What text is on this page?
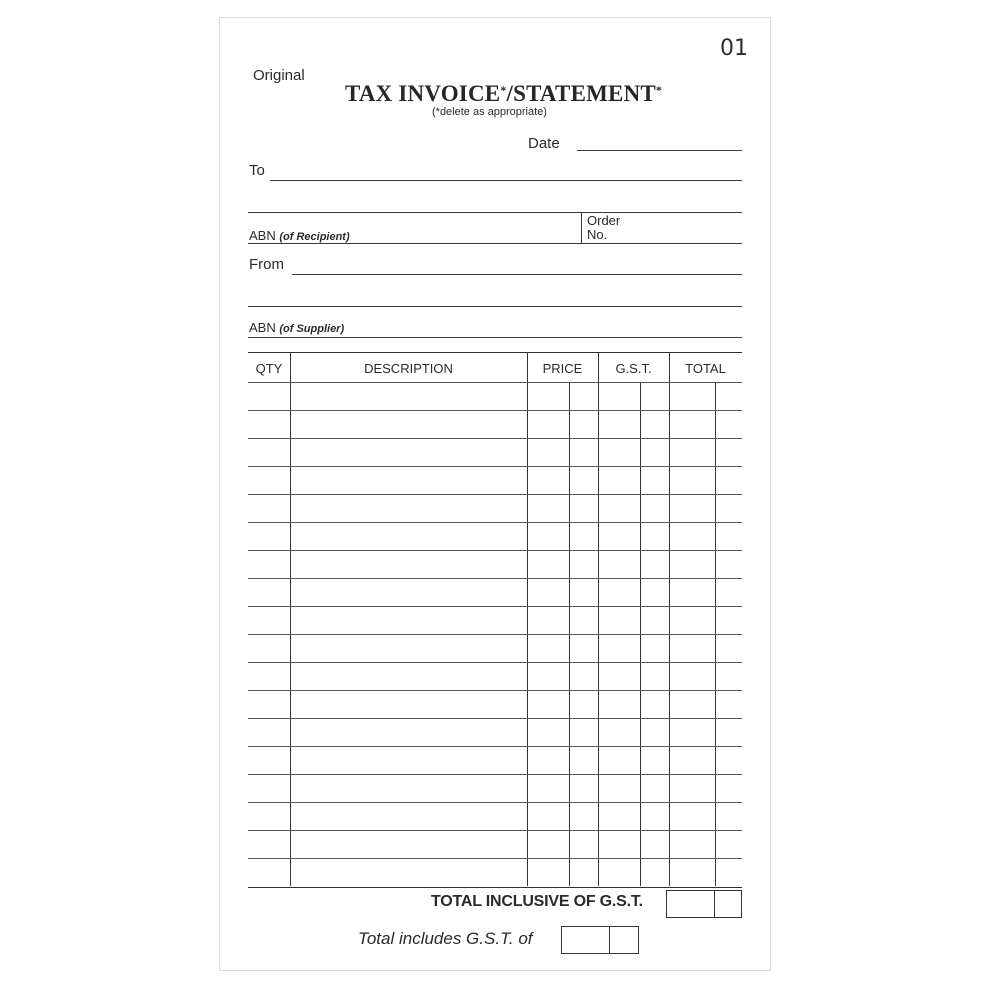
01
Original
TAX INVOICE*/STATEMENT*
(*delete as appropriate)
Date
To
ABN (of Recipient)
Order
No.
From
ABN (of Supplier)
QTY	DESCRIPTION	PRICE	G.S.T.	TOTAL
TOTAL INCLUSIVE OF G.S.T.
Total includes G.S.T. of
